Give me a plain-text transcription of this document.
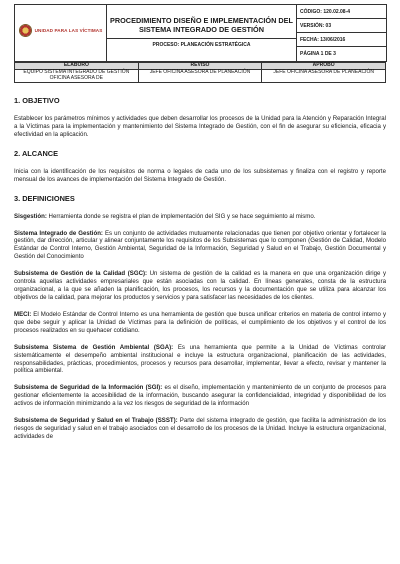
UNIDAD PARA LAS VÍCTIMAS

PROCEDIMIENTO DISEÑO E IMPLEMENTACIÓN DEL SISTEMA INTEGRADO DE GESTIÓN
PROCESO: PLANEACIÓN ESTRATÉGICA

CÓDIGO: 120.02.08-4
VERSIÓN: 03
FECHA: 13/06/2016
PÁGINA 1 DE 3
ELABORÓ	REVISÓ	APROBÓ
EQUIPO SISTEMA INTEGRADO DE GESTIÓN OFICINA ASESORA DE	JEFE OFICINA ASESORA DE PLANEACIÓN	JEFE OFICINA ASESORA DE PLANEACIÓN
1. OBJETIVO

Establecer los parámetros mínimos y actividades que deben desarrollar los procesos de la Unidad para la Atención y Reparación Integral a la Víctimas para la implementación y mantenimiento del Sistema Integrado de Gestión, con el fin de asegurar su eficiencia, eficacia y efectividad en la aplicación.

2. ALCANCE

Inicia con la identificación de los requisitos de norma o legales de cada uno de los subsistemas y finaliza con el registro y reporte mensual de los avances de implementación del Sistema Integrado de Gestión.

3. DEFINICIONES

Sisgestión: Herramienta donde se registra el plan de implementación del SIG y se hace seguimiento al mismo.

Sistema Integrado de Gestión: Es un conjunto de actividades mutuamente relacionadas que tienen por objetivo orientar y fortalecer la gestión, dar dirección, articular y alinear conjuntamente los requisitos de los Subsistemas que lo componen (Gestión de Calidad, Modelo Estándar de Control Interno, Gestión Ambiental, Seguridad de la Información, Seguridad y Salud en el Trabajo, Gestión Documental y Gestión del Conocimiento

Subsistema de Gestión de la Calidad (SGC): Un sistema de gestión de la calidad es la manera en que una organización dirige y controla aquellas actividades empresariales que están asociadas con la calidad. En líneas generales, consta de la estructura organizacional, a la que se añaden la planificación, los procesos, los recursos y la documentación que se utiliza para alcanzar los objetivos de la calidad, para mejorar los productos y servicios y para satisfacer las necesidades de los clientes.

MECI: El Modelo Estándar de Control Interno es una herramienta de gestión que busca unificar criterios en materia de control interno y que debe seguir y aplicar la Unidad de Víctimas para la definición de políticas, el cumplimiento de los objetivos y el control de los procesos realizados en su quehacer cotidiano.

Subsistema Sistema de Gestión Ambiental (SGA): Es una herramienta que permite a la Unidad de Víctimas controlar sistemáticamente el desempeño ambiental institucional e incluye la estructura organizacional, planificación de las actividades, responsabilidades, prácticas, procedimientos, procesos y recursos para desarrollar, implementar, llevar a efecto, revisar y mantener la política ambiental.

Subsistema de Seguridad de la Información (SGI): es el diseño, implementación y mantenimiento de un conjunto de procesos para gestionar eficientemente la accesibilidad de la información, buscando asegurar la confidencialidad, integridad y disponibilidad de los activos de información minimizando a la vez los riesgos de seguridad de la información

Subsistema de Seguridad y Salud en el Trabajo (SSST): Parte del sistema integrado de gestión, que facilita la administración de los riesgos de seguridad y salud en el trabajo asociados con el desarrollo de los procesos de la Unidad. Incluye la estructura organizacional, actividades de
